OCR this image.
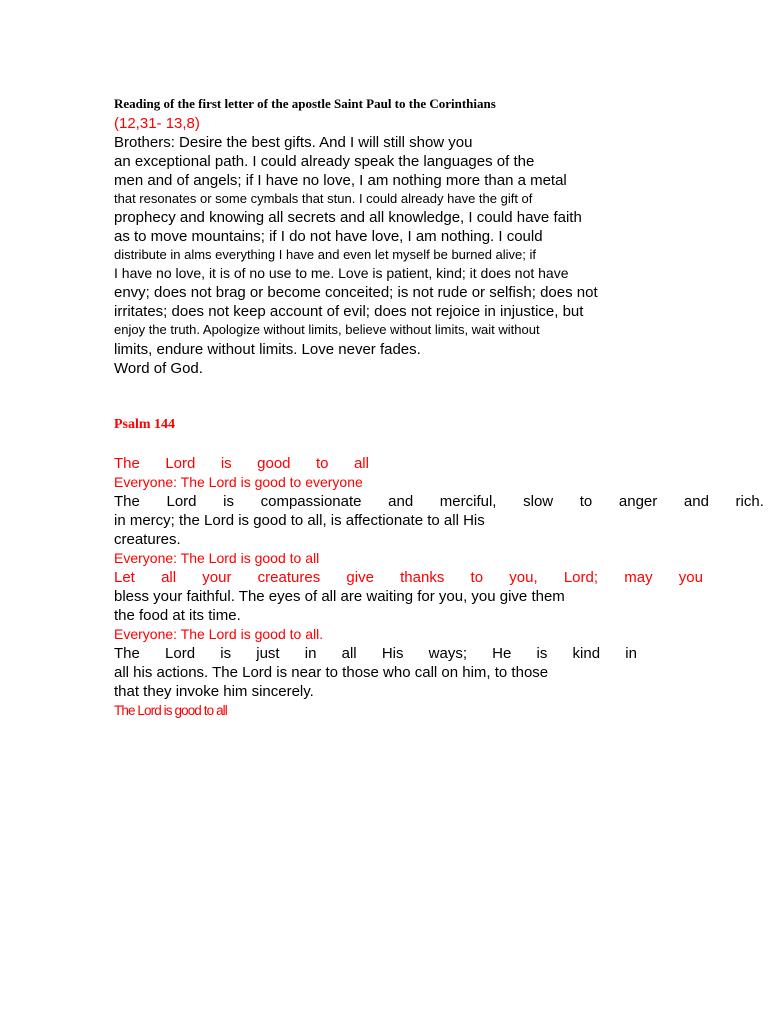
Reading of the first letter of the apostle Saint Paul to the Corinthians
(12,31- 13,8)
Brothers: Desire the best gifts. And I will still show you
an exceptional path. I could already speak the languages of the
men and of angels; if I have no love, I am nothing more than a metal
that resonates or some cymbals that stun. I could already have the gift of
prophecy and knowing all secrets and all knowledge, I could have faith
as to move mountains; if I do not have love, I am nothing. I could
distribute in alms everything I have and even let myself be burned alive; if
I have no love, it is of no use to me. Love is patient, kind; it does not have
envy; does not brag or become conceited; is not rude or selfish; does not
irritates; does not keep account of evil; does not rejoice in injustice, but
enjoy the truth. Apologize without limits, believe without limits, wait without
limits, endure without limits. Love never fades.
Word of God.
Psalm 144
The Lord is good to all
Everyone: The Lord is good to everyone
The Lord is compassionate and merciful, slow to anger and rich.
in mercy; the Lord is good to all, is affectionate to all His
creatures.
Everyone: The Lord is good to all
Let all your creatures give thanks to you, Lord; may you
bless your faithful. The eyes of all are waiting for you, you give them
the food at its time.
Everyone: The Lord is good to all.
The Lord is just in all His ways; He is kind in
all his actions. The Lord is near to those who call on him, to those
that they invoke him sincerely.
The Lord is good to all
